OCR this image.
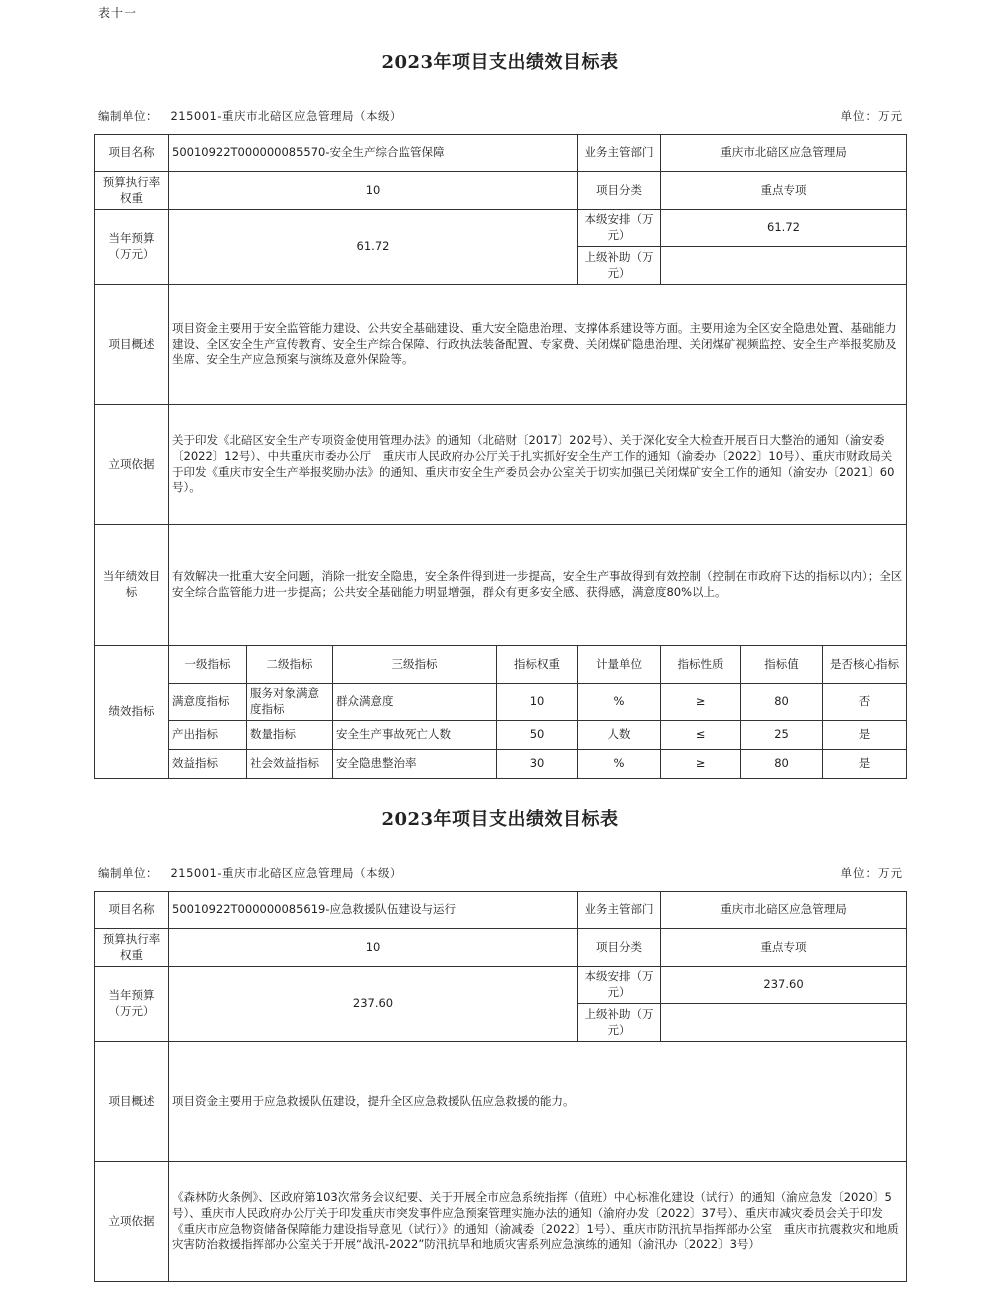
表十一
2023年项目支出绩效目标表
编制单位： 215001-重庆市北碚区应急管理局（本级）	单位：万元
项目名称	50010922T000000085570-安全生产综合监管保障				业务主管部门	重庆市北碚区应急管理局		
预算执行率权重	10				项目分类	重点专项		
当年预算（万元）	61.72				本级安排（万元）	61.72		
					上级补助（万元）			
项目概述	项目资金主要用于安全监管能力建设、公共安全基础建设、重大安全隐患治理、支撑体系建设等方面。主要用途为全区安全隐患处置、基础能力建设、全区安全生产宣传教育、安全生产综合保障、行政执法装备配置、专家费、关闭煤矿隐患治理、关闭煤矿视频监控、安全生产举报奖励及坐席、安全生产应急预案与演练及意外保险等。							
立项依据	关于印发《北碚区安全生产专项资金使用管理办法》的通知（北碚财〔2017〕202号）、关于深化安全大检查开展百日大整治的通知（渝安委〔2022〕12号）、中共重庆市委办公厅　重庆市人民政府办公厅关于扎实抓好安全生产工作的通知（渝委办〔2022〕10号）、重庆市财政局关于印发《重庆市安全生产举报奖励办法》的通知、重庆市安全生产委员会办公室关于切实加强已关闭煤矿安全工作的通知（渝安办〔2021〕60号）。							
当年绩效目标	有效解决一批重大安全问题，消除一批安全隐患，安全条件得到进一步提高，安全生产事故得到有效控制（控制在市政府下达的指标以内）；全区安全综合监管能力进一步提高；公共安全基础能力明显增强，群众有更多安全感、获得感，满意度80%以上。							
绩效指标	一级指标	二级指标	三级指标	指标权重	计量单位	指标性质	指标值	是否核心指标
	满意度指标	服务对象满意度指标	群众满意度	10	%	≥	80	否
	产出指标	数量指标	安全生产事故死亡人数	50	人数	≤	25	是
	效益指标	社会效益指标	安全隐患整治率	30	%	≥	80	是
2023年项目支出绩效目标表
编制单位： 215001-重庆市北碚区应急管理局（本级）	单位：万元
项目名称	50010922T000000085619-应急救援队伍建设与运行	业务主管部门	重庆市北碚区应急管理局
预算执行率权重	10	项目分类	重点专项
当年预算（万元）	237.60	本级安排（万元）	237.60
		上级补助（万元）	
项目概述	项目资金主要用于应急救援队伍建设，提升全区应急救援队伍应急救援的能力。		
立项依据	《森林防火条例》、区政府第103次常务会议纪要、关于开展全市应急系统指挥（值班）中心标准化建设（试行）的通知（渝应急发〔2020〕5号）、重庆市人民政府办公厅关于印发重庆市突发事件应急预案管理实施办法的通知（渝府办发〔2022〕37号）、重庆市减灾委员会关于印发《重庆市应急物资储备保障能力建设指导意见（试行）》的通知（渝减委〔2022〕1号）、重庆市防汛抗旱指挥部办公室　重庆市抗震救灾和地质灾害防治救援指挥部办公室关于开展“战汛-2022”防汛抗旱和地质灾害系列应急演练的通知（渝汛办〔2022〕3号）		
